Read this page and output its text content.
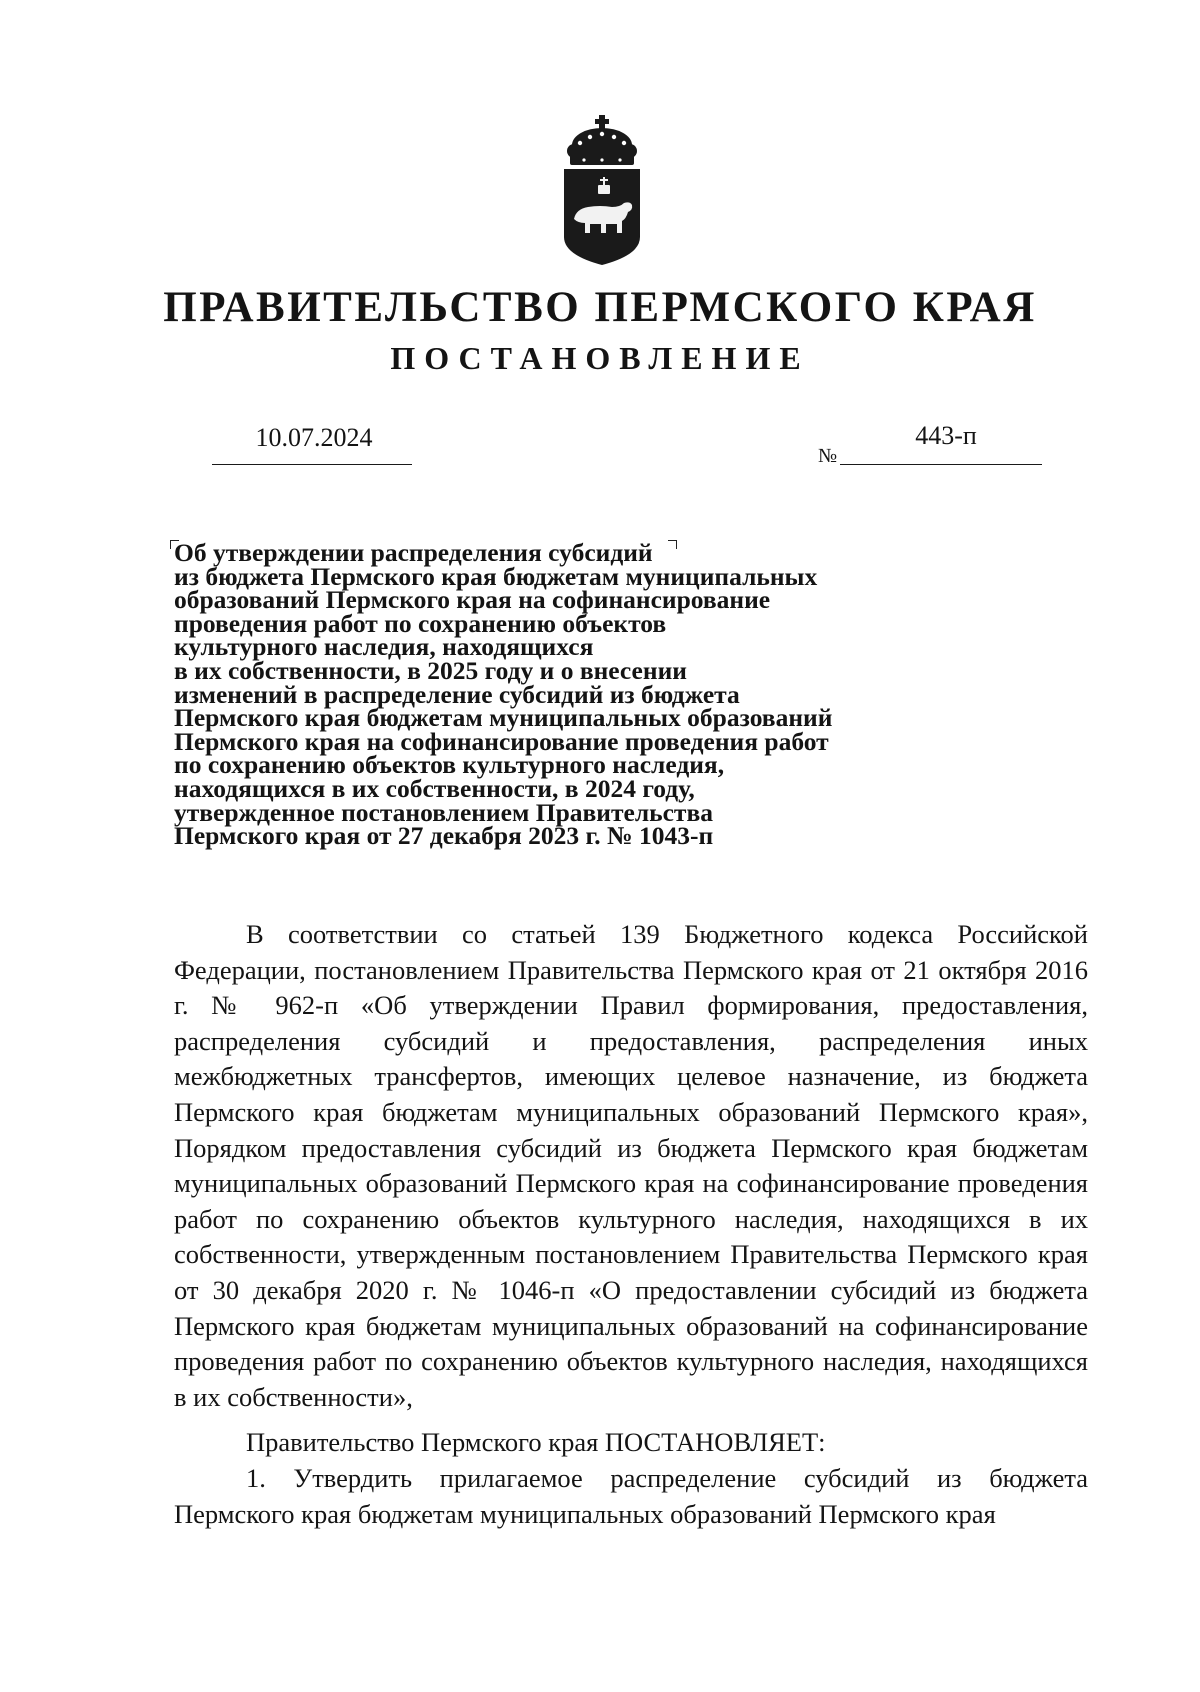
ПРАВИТЕЛЬСТВО ПЕРМСКОГО КРАЯ
ПОСТАНОВЛЕНИЕ
10.07.2024
№
443-п
Об утверждении распределения субсидий
из бюджета Пермского края бюджетам муниципальных
образований Пермского края на софинансирование
проведения работ по сохранению объектов
культурного наследия, находящихся
в их собственности, в 2025 году и о внесении
изменений в распределение субсидий из бюджета
Пермского края бюджетам муниципальных образований
Пермского края на софинансирование проведения работ
по сохранению объектов культурного наследия,
находящихся в их собственности, в 2024 году,
утвержденное постановлением Правительства
Пермского края от 27 декабря 2023 г. № 1043-п

В соответствии со статьей 139 Бюджетного кодекса Российской Федерации, постановлением Правительства Пермского края от 21 октября 2016 г. № 962-п «Об утверждении Правил формирования, предоставления, распределения субсидий и предоставления, распределения иных межбюджетных трансфертов, имеющих целевое назначение, из бюджета Пермского края бюджетам муниципальных образований Пермского края», Порядком предоставления субсидий из бюджета Пермского края бюджетам муниципальных образований Пермского края на софинансирование проведения работ по сохранению объектов культурного наследия, находящихся в их собственности, утвержденным постановлением Правительства Пермского края от 30 декабря 2020 г. № 1046-п «О предоставлении субсидий из бюджета Пермского края бюджетам муниципальных образований на софинансирование проведения работ по сохранению объектов культурного наследия, находящихся в их собственности»,

Правительство Пермского края ПОСТАНОВЛЯЕТ:

1. Утвердить прилагаемое распределение субсидий из бюджета Пермского края бюджетам муниципальных образований Пермского края
